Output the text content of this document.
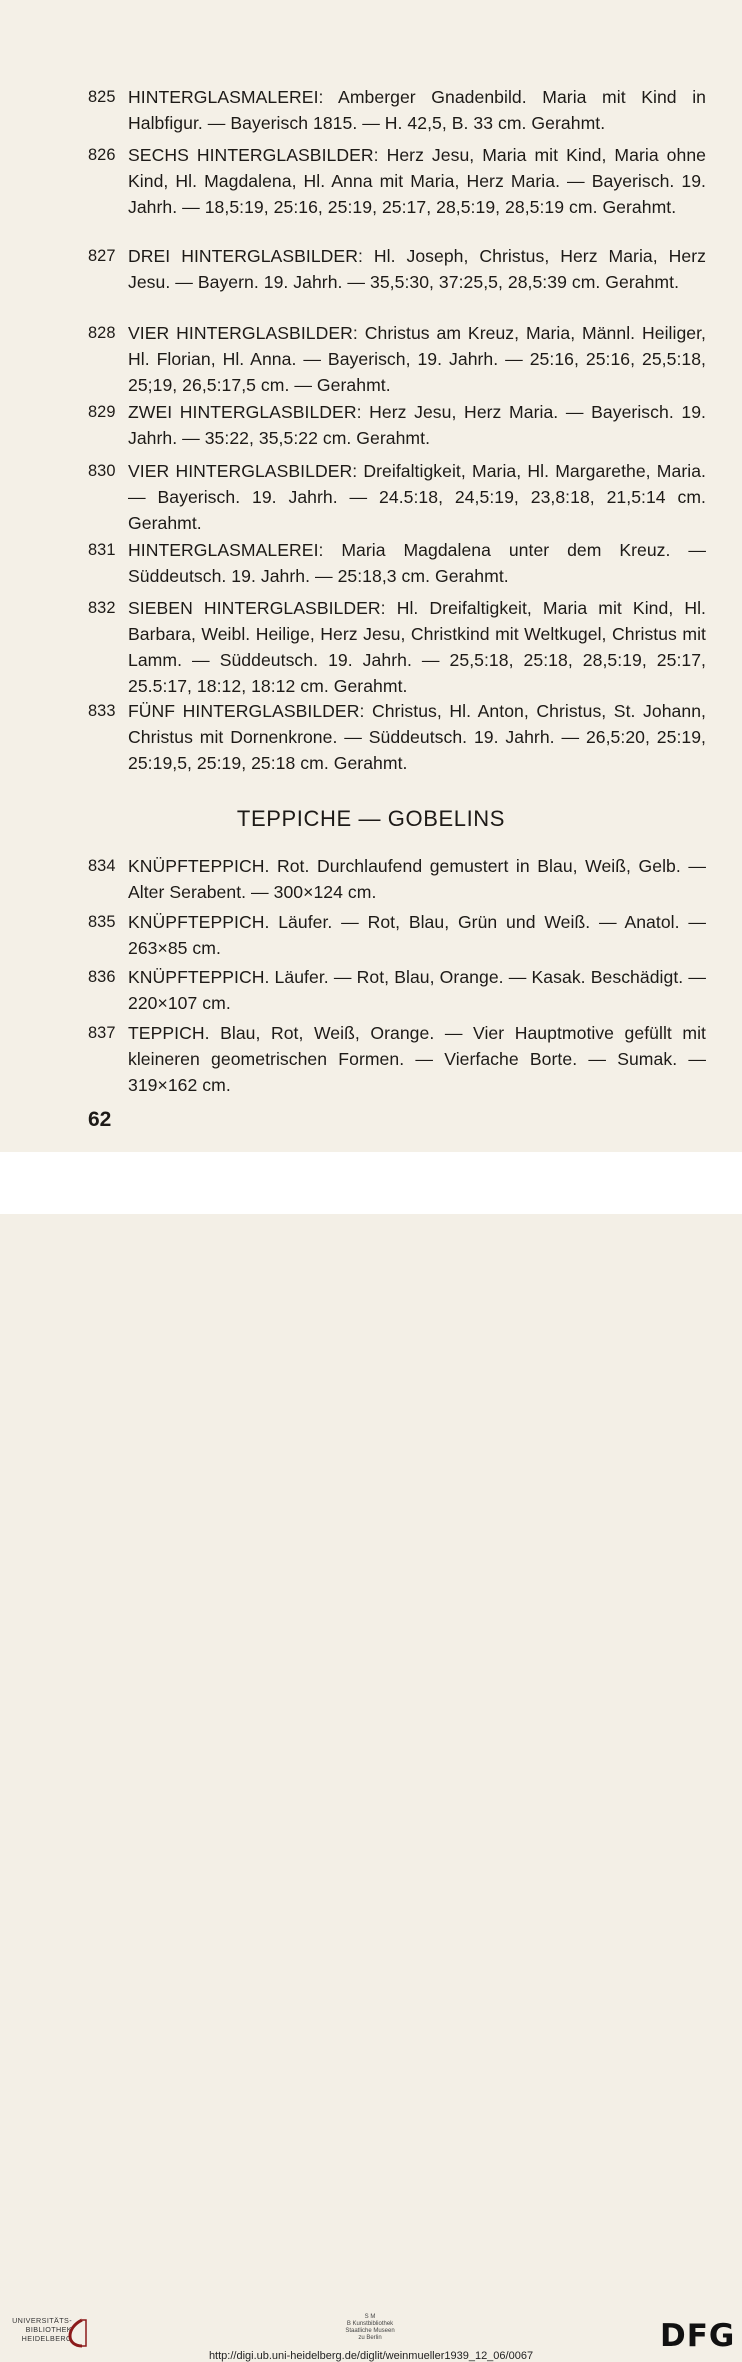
825 HINTERGLASMALEREI: Amberger Gnadenbild. Maria mit Kind in Halbfigur. — Bayerisch 1815. — H. 42,5, B. 33 cm. Gerahmt.
826 SECHS HINTERGLASBILDER: Herz Jesu, Maria mit Kind, Maria ohne Kind, Hl. Magdalena, Hl. Anna mit Maria, Herz Maria. — Bayerisch. 19. Jahrh. — 18,5:19, 25:16, 25:19, 25:17, 28,5:19, 28,5:19 cm. Gerahmt.
827 DREI HINTERGLASBILDER: Hl. Joseph, Christus, Herz Maria, Herz Jesu. — Bayern. 19. Jahrh. — 35,5:30, 37:25,5, 28,5:39 cm. Gerahmt.
828 VIER HINTERGLASBILDER: Christus am Kreuz, Maria, Männl. Heiliger, Hl. Florian, Hl. Anna. — Bayerisch, 19. Jahrh. — 25:16, 25:16, 25,5:18, 25;19, 26,5:17,5 cm. — Gerahmt.
829 ZWEI HINTERGLASBILDER: Herz Jesu, Herz Maria. — Bayerisch. 19. Jahrh. — 35:22, 35,5:22 cm. Gerahmt.
830 VIER HINTERGLASBILDER: Dreifaltigkeit, Maria, Hl. Margarethe, Maria. — Bayerisch. 19. Jahrh. — 24.5:18, 24,5:19, 23,8:18, 21,5:14 cm. Gerahmt.
831 HINTERGLASMALEREI: Maria Magdalena unter dem Kreuz. — Süddeutsch. 19. Jahrh. — 25:18,3 cm. Gerahmt.
832 SIEBEN HINTERGLASBILDER: Hl. Dreifaltigkeit, Maria mit Kind, Hl. Barbara, Weibl. Heilige, Herz Jesu, Christkind mit Weltkugel, Christus mit Lamm. — Süddeutsch. 19. Jahrh. — 25,5:18, 25:18, 28,5:19, 25:17, 25.5:17, 18:12, 18:12 cm. Gerahmt.
833 FÜNF HINTERGLASBILDER: Christus, Hl. Anton, Christus, St. Johann, Christus mit Dornenkrone. — Süddeutsch. 19. Jahrh. — 26,5:20, 25:19, 25:19,5, 25:19, 25:18 cm. Gerahmt.
TEPPICHE — GOBELINS
834 KNÜPFTEPPICH. Rot. Durchlaufend gemustert in Blau, Weiß, Gelb. — Alter Serabent. — 300×124 cm.
835 KNÜPFTEPPICH. Läufer. — Rot, Blau, Grün und Weiß. — Anatol. — 263×85 cm.
836 KNÜPFTEPPICH. Läufer. — Rot, Blau, Orange. — Kasak. Beschädigt. — 220×107 cm.
837 TEPPICH. Blau, Rot, Weiß, Orange. — Vier Hauptmotive gefüllt mit kleineren geometrischen Formen. — Vierfache Borte. — Sumak. — 319×162 cm.
62
UNIVERSITÄTS-
BIBLIOTHEK
HEIDELBERG
S M
B Kunstbibliothek
Staatliche Museen
zu Berlin	DFG
http://digi.ub.uni-heidelberg.de/diglit/weinmueller1939_12_06/0067
